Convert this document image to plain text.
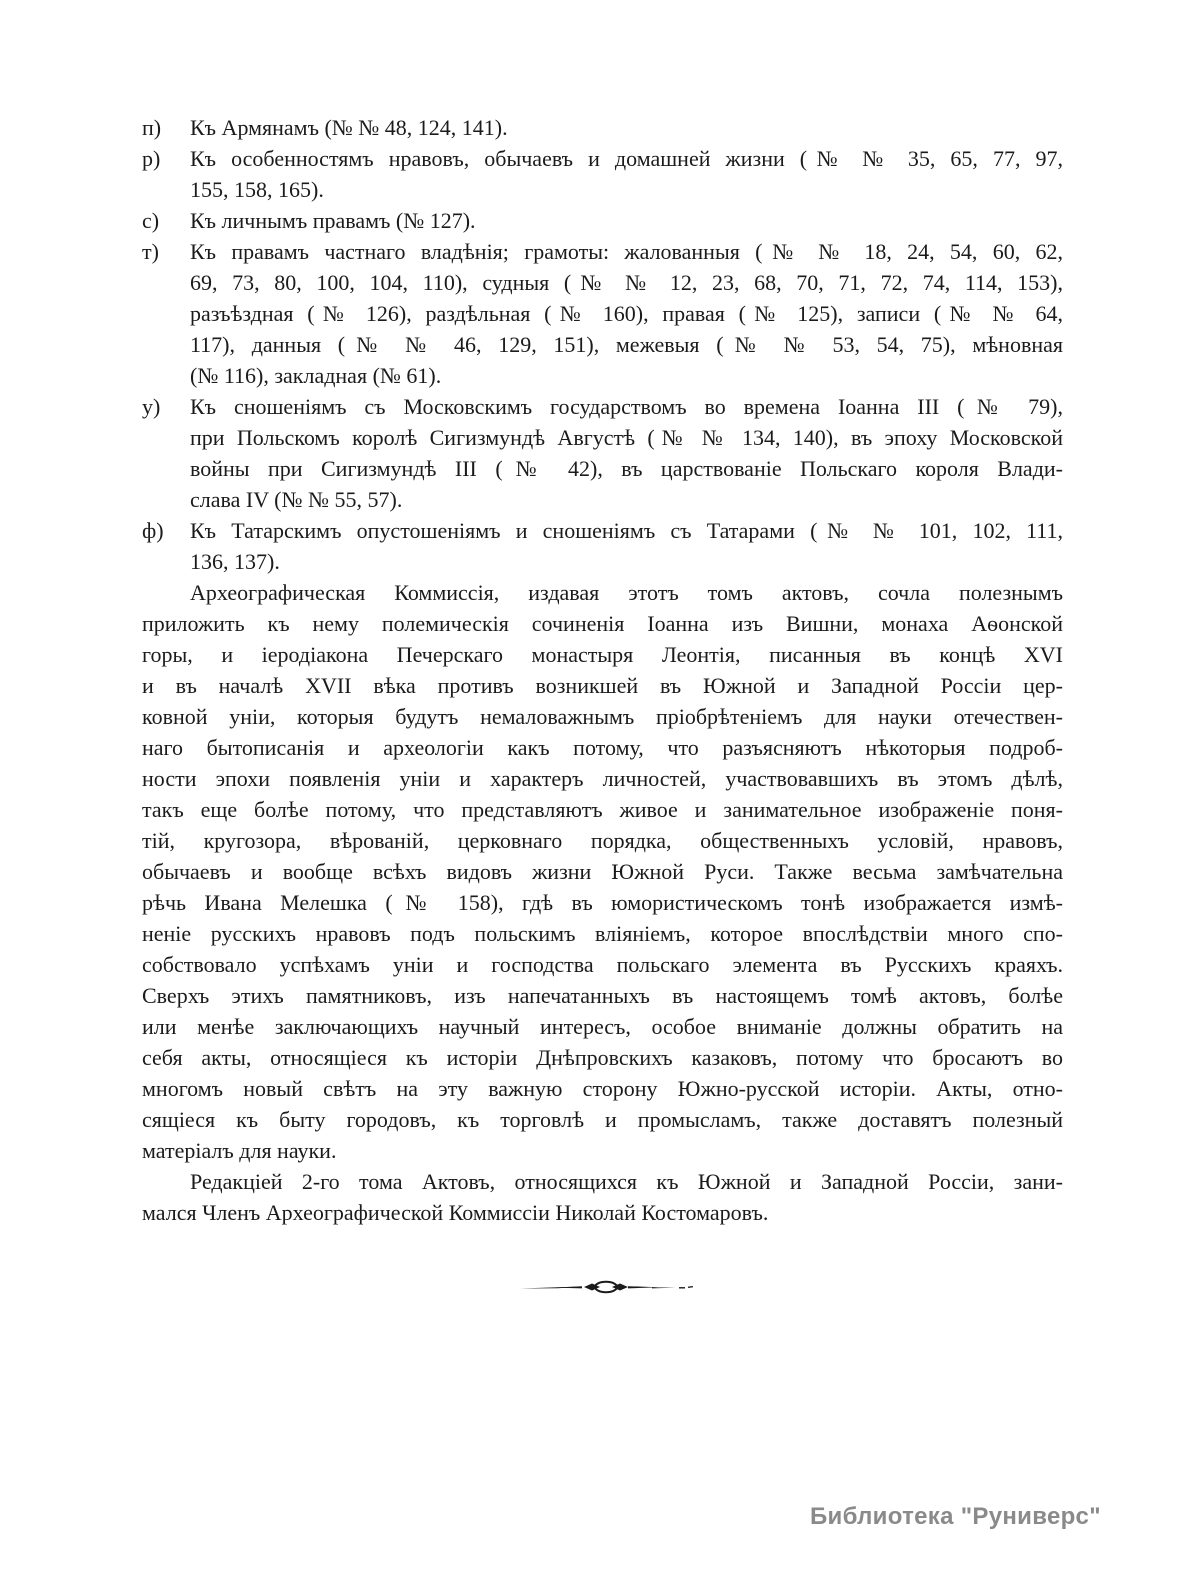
п) Къ Армянамъ (№ № 48, 124, 141).
р) Къ особенностямъ нравовъ, обычаевъ и домашней жизни (№ № 35, 65, 77, 97,
155, 158, 165).
с) Къ личнымъ правамъ (№ 127).
т) Къ правамъ частнаго владѣнія; грамоты: жалованныя (№ № 18, 24, 54, 60, 62,
69, 73, 80, 100, 104, 110), судныя (№ № 12, 23, 68, 70, 71, 72, 74, 114, 153),
разъѣздная (№ 126), раздѣльная (№ 160), правая (№ 125), записи (№ № 64,
117), данныя (№ № 46, 129, 151), межевыя (№ № 53, 54, 75), мѣновная
(№ 116), закладная (№ 61).
у) Къ сношеніямъ съ Московскимъ государствомъ во времена Іоанна III (№ 79),
при Польскомъ королѣ Сигизмундѣ Августѣ (№ № 134, 140), въ эпоху Московской
войны при Сигизмундѣ III (№ 42), въ царствованіе Польскаго короля Влади-
слава IV (№ № 55, 57).
ф) Къ Татарскимъ опустошеніямъ и сношеніямъ съ Татарами (№ № 101, 102, 111,
136, 137).
Археографическая Коммиссія, издавая этотъ томъ актовъ, сочла полезнымъ
приложить къ нему полемическія сочиненія Іоанна изъ Вишни, монаха Аѳонской
горы, и іеродіакона Печерскаго монастыря Леонтія, писанныя въ концѣ XVI
и въ началѣ XVII вѣка противъ возникшей въ Южной и Западной Россіи цер-
ковной уніи, которыя будутъ немаловажнымъ пріобрѣтеніемъ для науки отечествен-
наго бытописанія и археологіи какъ потому, что разъясняютъ нѣкоторыя подроб-
ности эпохи появленія уніи и характеръ личностей, участвовавшихъ въ этомъ дѣлѣ,
такъ еще болѣе потому, что представляютъ живое и занимательное изображеніе поня-
тій, кругозора, вѣрованій, церковнаго порядка, общественныхъ условій, нравовъ,
обычаевъ и вообще всѣхъ видовъ жизни Южной Руси. Также весьма замѣчательна
рѣчь Ивана Мелешка (№ 158), гдѣ въ юмористическомъ тонѣ изображается измѣ-
неніе русскихъ нравовъ подъ польскимъ вліяніемъ, которое впослѣдствіи много спо-
собствовало успѣхамъ уніи и господства польскаго элемента въ Русскихъ краяхъ.
Сверхъ этихъ памятниковъ, изъ напечатанныхъ въ настоящемъ томѣ актовъ, болѣе
или менѣе заключающихъ научный интересъ, особое вниманіе должны обратить на
себя акты, относящіеся къ исторіи Днѣпровскихъ казаковъ, потому что бросаютъ во
многомъ новый свѣтъ на эту важную сторону Южно-русской исторіи. Акты, отно-
сящіеся къ быту городовъ, къ торговлѣ и промысламъ, также доставятъ полезный
матеріалъ для науки.
Редакціей 2-го тома Актовъ, относящихся къ Южной и Западной Россіи, зани-
мался Членъ Археографической Коммиссіи Николай Костомаровъ.
Библиотека "Руниверс"
